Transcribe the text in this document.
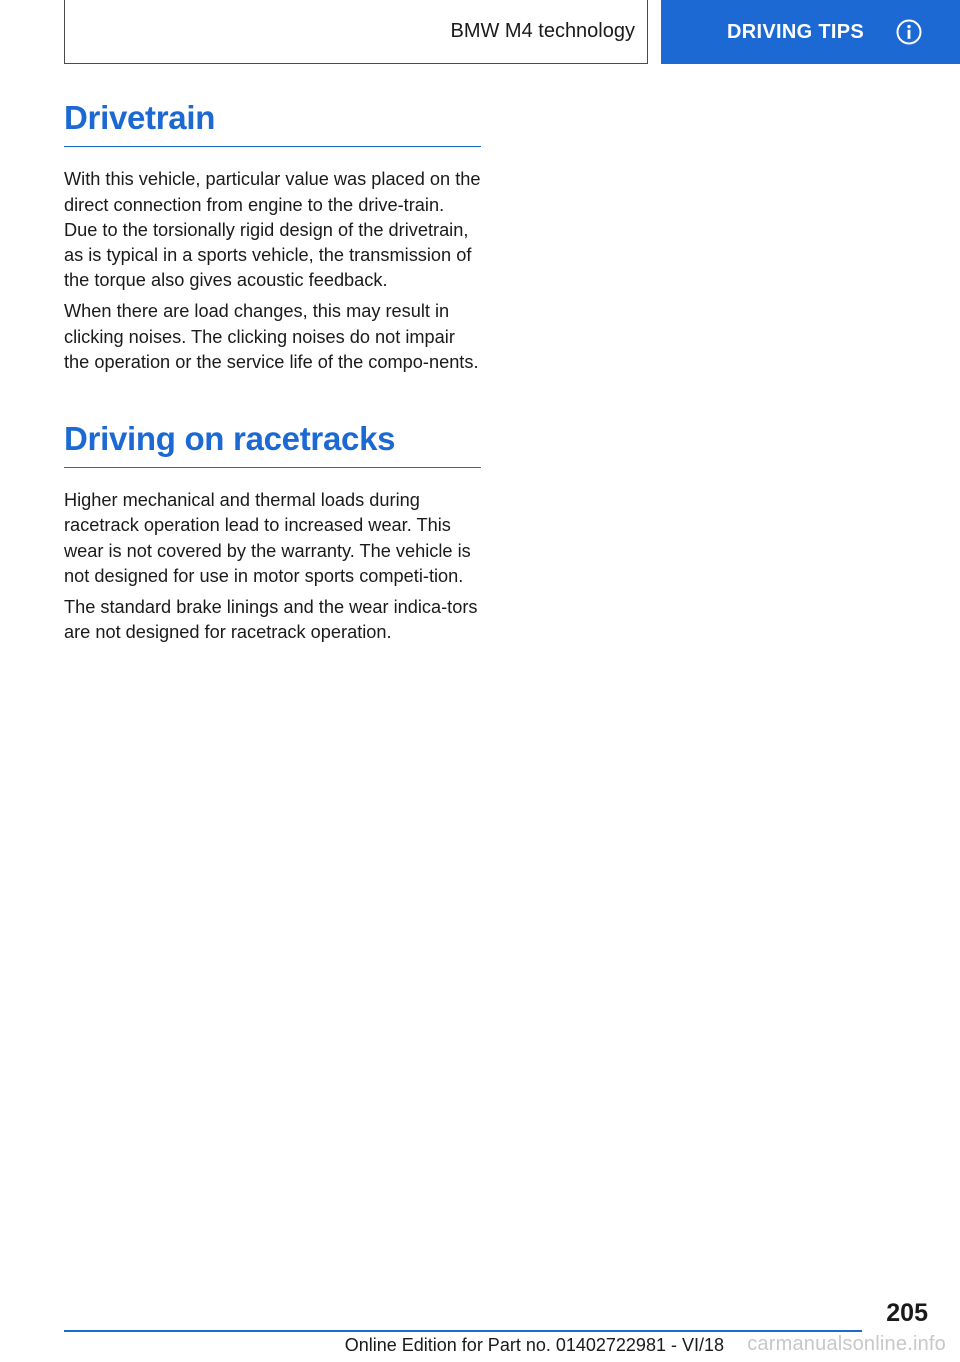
BMW M4 technology	DRIVING TIPS
Drivetrain

With this vehicle, particular value was placed on the direct connection from engine to the drive-train. Due to the torsionally rigid design of the drivetrain, as is typical in a sports vehicle, the transmission of the torque also gives acoustic feedback.

When there are load changes, this may result in clicking noises. The clicking noises do not impair the operation or the service life of the compo-nents.

Driving on racetracks

Higher mechanical and thermal loads during racetrack operation lead to increased wear. This wear is not covered by the warranty. The vehicle is not designed for use in motor sports competi-tion.

The standard brake linings and the wear indica-tors are not designed for racetrack operation.

205
Online Edition for Part no. 01402722981 - VI/18 carmanualsonline.info
